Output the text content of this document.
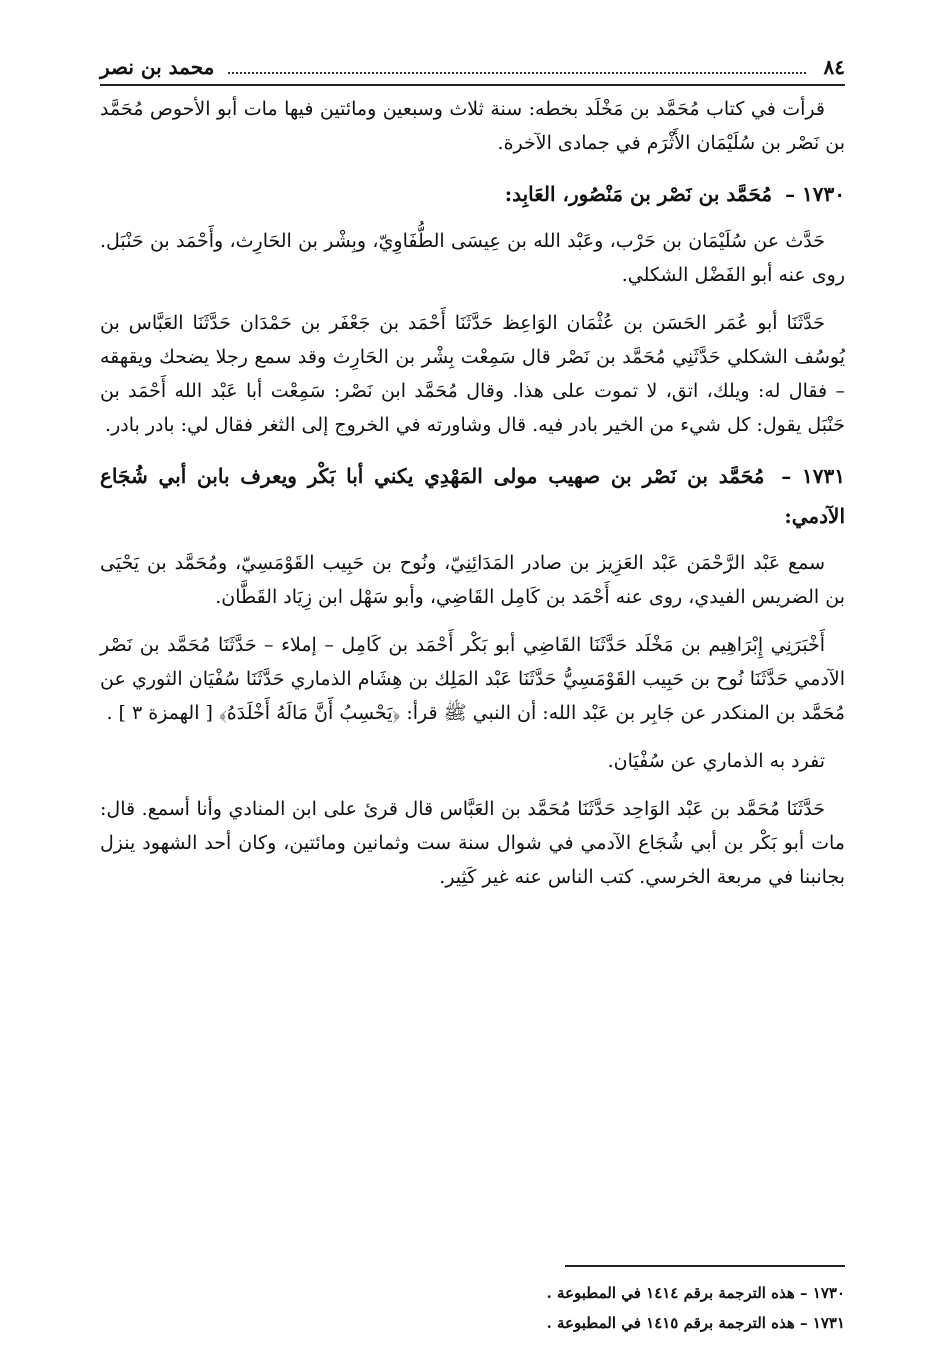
٨٤
محمد بن نصر

قرأت في كتاب مُحَمَّد بن مَخْلَد بخطه: سنة ثلاث وسبعين ومائتين فيها مات أبو الأحوص مُحَمَّد بن نَصْر بن سُلَيْمَان الأَثْرَم في جمادى الآخرة.

١٧٣٠ – مُحَمَّد بن نَصْر بن مَنْصُور، العَابِد:

حَدَّث عن سُلَيْمَان بن حَرْب، وعَبْد الله بن عِيسَى الطُّفَاوِيّ، وبِشْر بن الحَارِث، وأَحْمَد بن حَنْبَل. روى عنه أبو الفَضْل الشكلي.

حَدَّثَنَا أبو عُمَر الحَسَن بن عُثْمَان الوَاعِظ حَدَّثَنَا أَحْمَد بن جَعْفَر بن حَمْدَان حَدَّثَنَا العَبَّاس بن يُوسُف الشكلي حَدَّثَنِي مُحَمَّد بن نَصْر قال سَمِعْت بِشْر بن الحَارِث وقد سمع رجلا يضحك ويقهقه – فقال له: ويلك، اتق، لا تموت على هذا. وقال مُحَمَّد ابن نَصْر: سَمِعْت أبا عَبْد الله أَحْمَد بن حَنْبَل يقول: كل شيء من الخير بادر فيه. قال وشاورته في الخروج إلى الثغر فقال لي: بادر بادر.

١٧٣١ – مُحَمَّد بن نَصْر بن صهيب مولى المَهْدِي يكني أبا بَكْر ويعرف بابن أبي شُجَاع الآدمي:

سمع عَبْد الرَّحْمَن عَبْد العَزِيز بن صادر المَدَائِنِيّ، ونُوح بن حَبِيب القَوْمَسِيّ، ومُحَمَّد بن يَحْيَى بن الضريس الفيدي، روى عنه أَحْمَد بن كَامِل القَاضِي، وأبو سَهْل ابن زِيَاد القَطَّان.

أَخْبَرَنِي إِبْرَاهِيم بن مَخْلَد حَدَّثَنَا القَاضِي أبو بَكْر أَحْمَد بن كَامِل – إملاء – حَدَّثَنَا مُحَمَّد بن نَصْر الآدمي حَدَّثَنَا نُوح بن حَبِيب القَوْمَسِيُّ حَدَّثَنَا عَبْد المَلِك بن هِشَام الذماري حَدَّثَنَا سُفْيَان الثوري عن مُحَمَّد بن المنكدر عن جَابِر بن عَبْد الله: أن النبي ﷺ قرأ: ﴿يَحْسِبُ أَنَّ مَالَهُ أَخْلَدَهُ﴾ [ الهمزة ٣ ] .

تفرد به الذماري عن سُفْيَان.

حَدَّثَنَا مُحَمَّد بن عَبْد الوَاحِد حَدَّثَنَا مُحَمَّد بن العَبَّاس قال قرئ على ابن المنادي وأنا أسمع. قال: مات أبو بَكْر بن أبي شُجَاع الآدمي في شوال سنة ست وثمانين ومائتين، وكان أحد الشهود ينزل بجانبنا في مربعة الخرسي. كتب الناس عنه غير كَثِير.

١٧٣٠ – هذه الترجمة برقم ١٤١٤ في المطبوعة .
١٧٣١ – هذه الترجمة برقم ١٤١٥ في المطبوعة .
